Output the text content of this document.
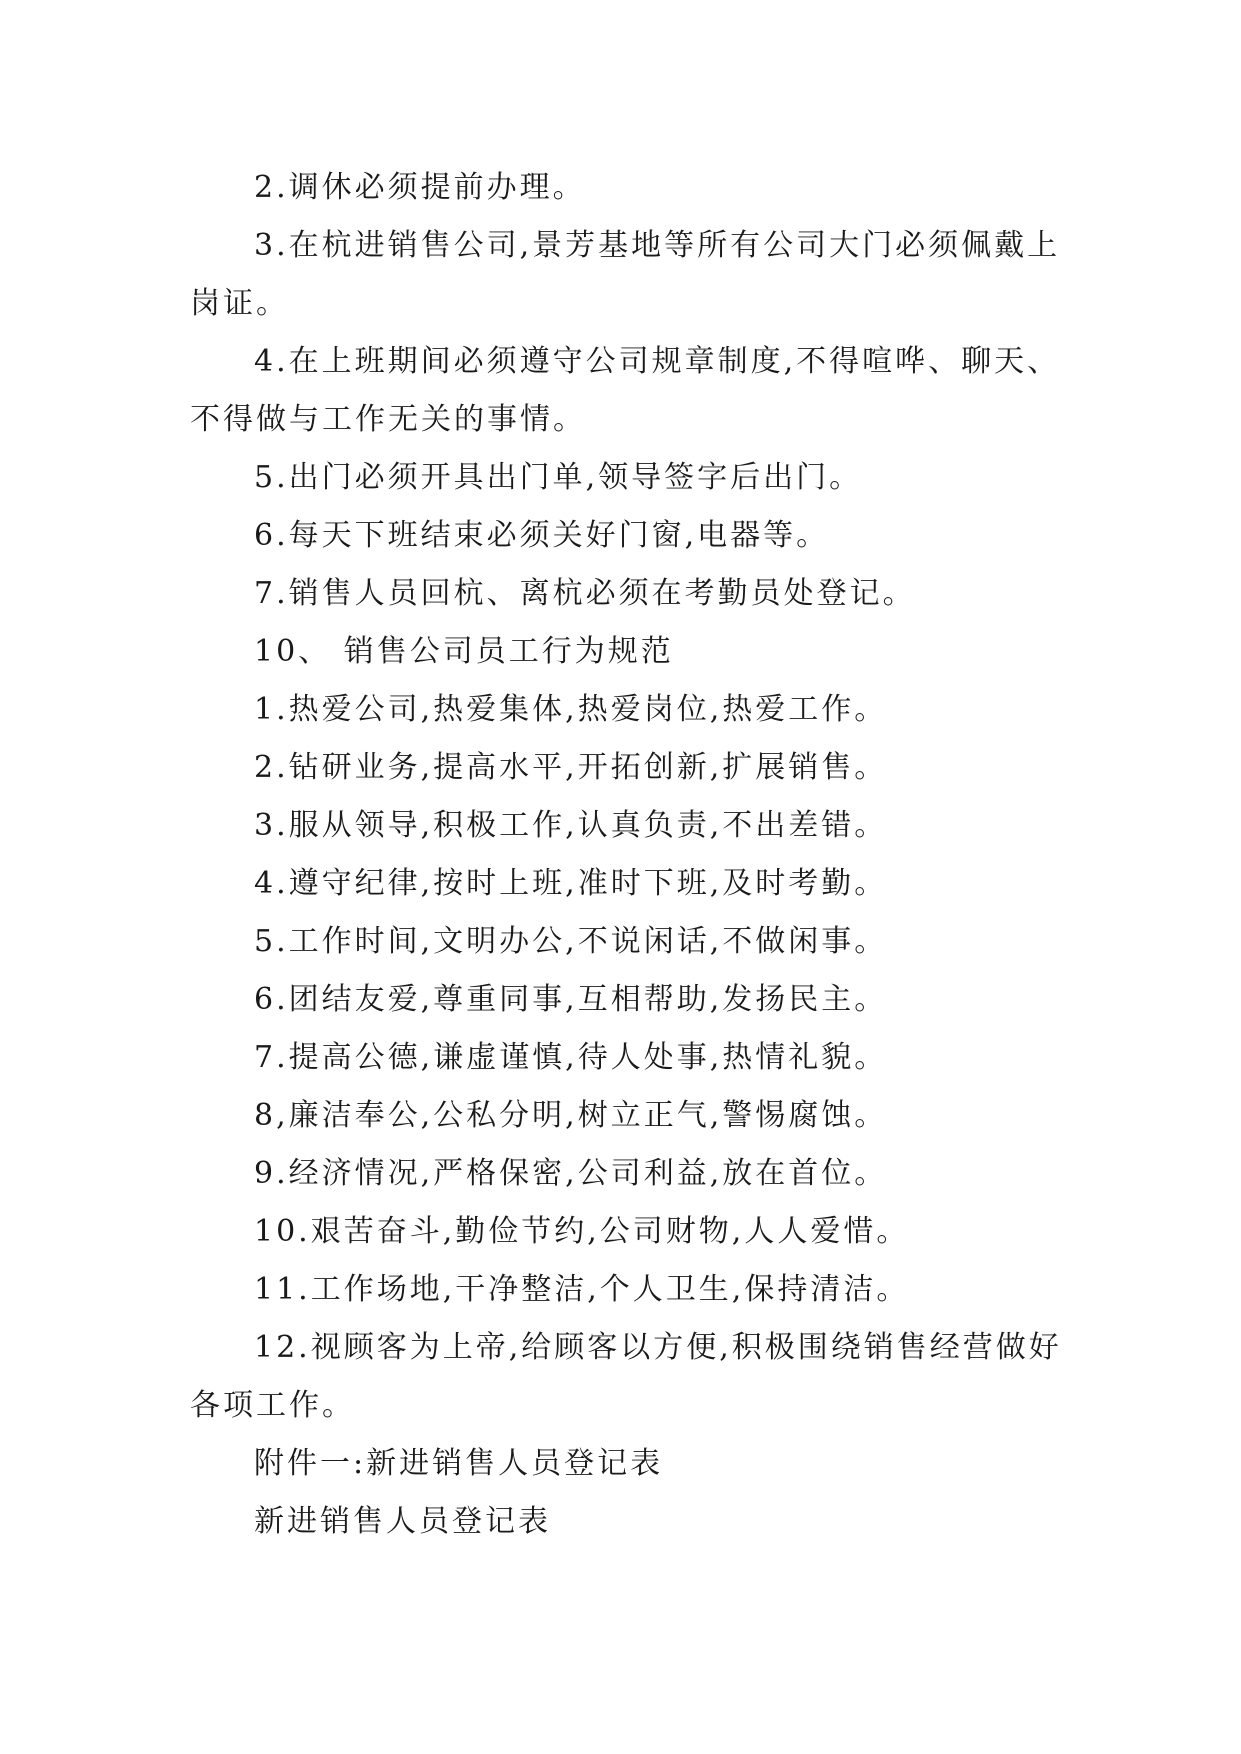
2.调休必须提前办理。

3.在杭进销售公司,景芳基地等所有公司大门必须佩戴上岗证。

4.在上班期间必须遵守公司规章制度,不得喧哗、聊天、不得做与工作无关的事情。

5.出门必须开具出门单,领导签字后出门。

6.每天下班结束必须关好门窗,电器等。

7.销售人员回杭、离杭必须在考勤员处登记。

10、 销售公司员工行为规范

1.热爱公司,热爱集体,热爱岗位,热爱工作。

2.钻研业务,提高水平,开拓创新,扩展销售。

3.服从领导,积极工作,认真负责,不出差错。

4.遵守纪律,按时上班,准时下班,及时考勤。

5.工作时间,文明办公,不说闲话,不做闲事。

6.团结友爱,尊重同事,互相帮助,发扬民主。

7.提高公德,谦虚谨慎,待人处事,热情礼貌。

8,廉洁奉公,公私分明,树立正气,警惕腐蚀。

9.经济情况,严格保密,公司利益,放在首位。

10.艰苦奋斗,勤俭节约,公司财物,人人爱惜。

11.工作场地,干净整洁,个人卫生,保持清洁。

12.视顾客为上帝,给顾客以方便,积极围绕销售经营做好各项工作。

附件一:新进销售人员登记表

新进销售人员登记表
